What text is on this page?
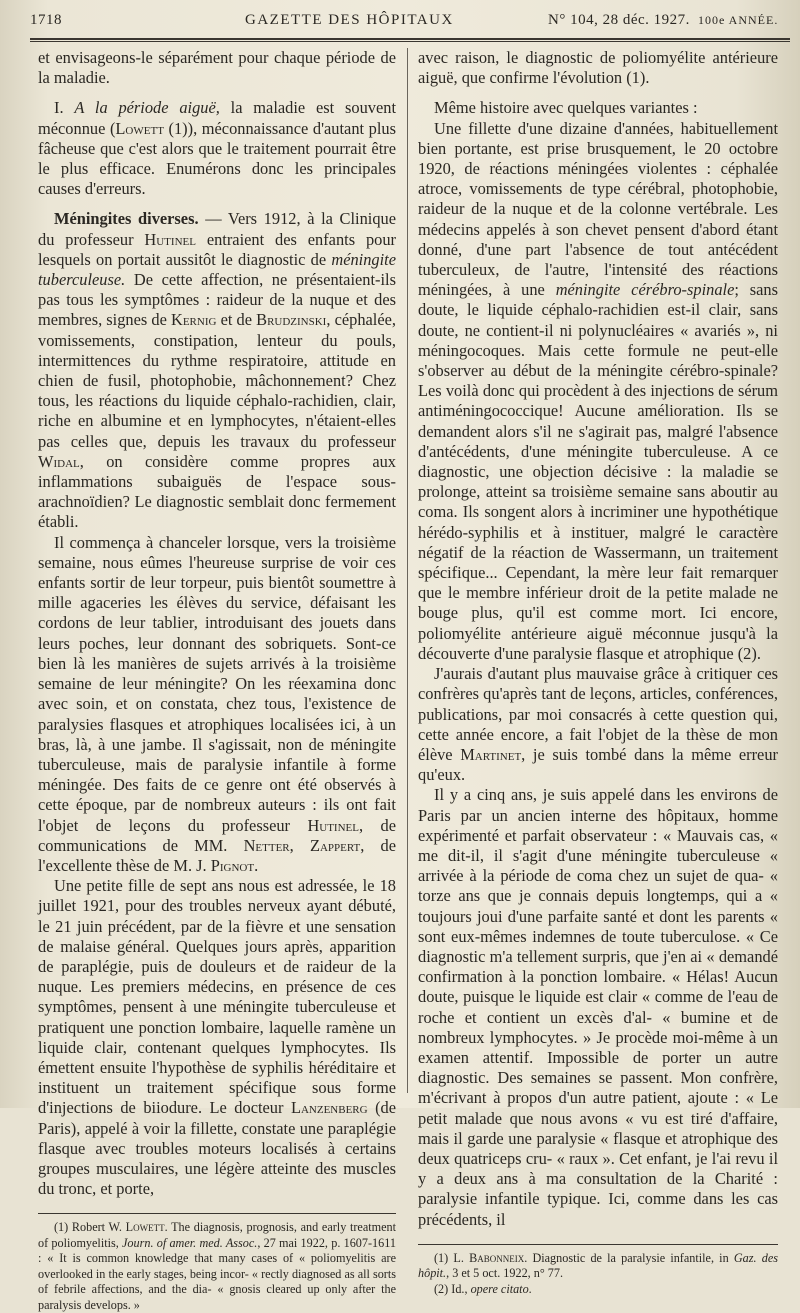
1718	GAZETTE DES HÔPITAUX	N° 104, 28 déc. 1927. 100e ANNÉE.

et envisageons-le séparément pour chaque période de la maladie.

I. A la période aiguë, la maladie est souvent méconnue (Lowett (1)), méconnaissance d'autant plus fâcheuse que c'est alors que le traitement pourrait être le plus efficace. Enumérons donc les principales causes d'erreurs.

Méningites diverses. — Vers 1912, à la Clinique du professeur Hutinel entraient des enfants pour lesquels on portait aussitôt le diagnostic de méningite tuberculeuse. De cette affection, ne présentaient-ils pas tous les symptômes : raideur de la nuque et des membres, signes de Kernig et de Brudzinski, céphalée, vomissements, constipation, lenteur du pouls, intermittences du rythme respiratoire, attitude en chien de fusil, photophobie, mâchonnement? Chez tous, les réactions du liquide céphalo-rachidien, clair, riche en albumine et en lymphocytes, n'étaient-elles pas celles que, depuis les travaux du professeur Widal, on considère comme propres aux inflammations subaiguës de l'espace sous-arachnoïdien? Le diagnostic semblait donc fermement établi.

Il commença à chanceler lorsque, vers la troisième semaine, nous eûmes l'heureuse surprise de voir ces enfants sortir de leur torpeur, puis bientôt soumettre à mille agaceries les élèves du service, défaisant les cordons de leur tablier, introduisant des jouets dans leurs poches, leur donnant des sobriquets. Sont-ce bien là les manières de sujets arrivés à la troisième semaine de leur méningite? On les réexamina donc avec soin, et on constata, chez tous, l'existence de paralysies flasques et atrophiques localisées ici, à un bras, là, à une jambe. Il s'agissait, non de méningite tuberculeuse, mais de paralysie infantile à forme méningée. Des faits de ce genre ont été observés à cette époque, par de nombreux auteurs : ils ont fait l'objet de leçons du professeur Hutinel, de communications de MM. Netter, Zappert, de l'excellente thèse de M. J. Pignot.

Une petite fille de sept ans nous est adressée, le 18 juillet 1921, pour des troubles nerveux ayant débuté, le 21 juin précédent, par de la fièvre et une sensation de malaise général. Quelques jours après, apparition de paraplégie, puis de douleurs et de raideur de la nuque. Les premiers médecins, en présence de ces symptômes, pensent à une méningite tuberculeuse et pratiquent une ponction lombaire, laquelle ramène un liquide clair, contenant quelques lymphocytes. Ils émettent ensuite l'hypothèse de syphilis héréditaire et instituent un traitement spécifique sous forme d'injections de biiodure. Le docteur Lanzenberg (de Paris), appelé à voir la fillette, constate une paraplégie flasque avec troubles moteurs localisés à certains groupes musculaires, une légère atteinte des muscles du tronc, et porte,

(1) Robert W. Lowett. The diagnosis, prognosis, and early treatment of poliomyelitis, Journ. of amer. med. Assoc., 27 mai 1922, p. 1607-1611 : « It is common knowledge that many cases of « poliomyelitis are overlooked in the early stages, being incor- « rectly diagnosed as all sorts of febrile affections, and the dia- « gnosis cleared up only after the paralysis develops. »

avec raison, le diagnostic de poliomyélite antérieure aiguë, que confirme l'évolution (1).

Même histoire avec quelques variantes :

Une fillette d'une dizaine d'années, habituellement bien portante, est prise brusquement, le 20 octobre 1920, de réactions méningées violentes : céphalée atroce, vomissements de type cérébral, photophobie, raideur de la nuque et de la colonne vertébrale. Les médecins appelés à son chevet pensent d'abord étant donné, d'une part l'absence de tout antécédent tuberculeux, de l'autre, l'intensité des réactions méningées, à une méningite cérébro-spinale; sans doute, le liquide céphalo-rachidien est-il clair, sans doute, ne contient-il ni polynucléaires « avariés », ni méningocoques. Mais cette formule ne peut-elle s'observer au début de la méningite cérébro-spinale? Les voilà donc qui procèdent à des injections de sérum antiméningococcique! Aucune amélioration. Ils se demandent alors s'il ne s'agirait pas, malgré l'absence d'antécédents, d'une méningite tuberculeuse. A ce diagnostic, une objection décisive : la maladie se prolonge, atteint sa troisième semaine sans aboutir au coma. Ils songent alors à incriminer une hypothétique hérédo-syphilis et à instituer, malgré le caractère négatif de la réaction de Wassermann, un traitement spécifique... Cependant, la mère leur fait remarquer que le membre inférieur droit de la petite malade ne bouge plus, qu'il est comme mort. Ici encore, poliomyélite antérieure aiguë méconnue jusqu'à la découverte d'une paralysie flasque et atrophique (2).

J'aurais d'autant plus mauvaise grâce à critiquer ces confrères qu'après tant de leçons, articles, conférences, publications, par moi consacrés à cette question qui, cette année encore, a fait l'objet de la thèse de mon élève Martinet, je suis tombé dans la même erreur qu'eux.

Il y a cinq ans, je suis appelé dans les environs de Paris par un ancien interne des hôpitaux, homme expérimenté et parfait observateur : « Mauvais cas, « me dit-il, il s'agit d'une méningite tuberculeuse « arrivée à la période de coma chez un sujet de qua- « torze ans que je connais depuis longtemps, qui a « toujours joui d'une parfaite santé et dont les parents « sont eux-mêmes indemnes de toute tuberculose. « Ce diagnostic m'a tellement surpris, que j'en ai « demandé confirmation à la ponction lombaire. « Hélas! Aucun doute, puisque le liquide est clair « comme de l'eau de roche et contient un excès d'al- « bumine et de nombreux lymphocytes. » Je procède moi-même à un examen attentif. Impossible de porter un autre diagnostic. Des semaines se passent. Mon confrère, m'écrivant à propos d'un autre patient, ajoute : « Le petit malade que nous avons « vu est tiré d'affaire, mais il garde une paralysie « flasque et atrophique des deux quatriceps cru- « raux ». Cet enfant, je l'ai revu il y a deux ans à ma consultation de la Charité : paralysie infantile typique. Ici, comme dans les cas précédents, il

(1) L. Babonneix. Diagnostic de la paralysie infantile, in Gaz. des hôpit., 3 et 5 oct. 1922, n° 77.

(2) Id., opere citato.
